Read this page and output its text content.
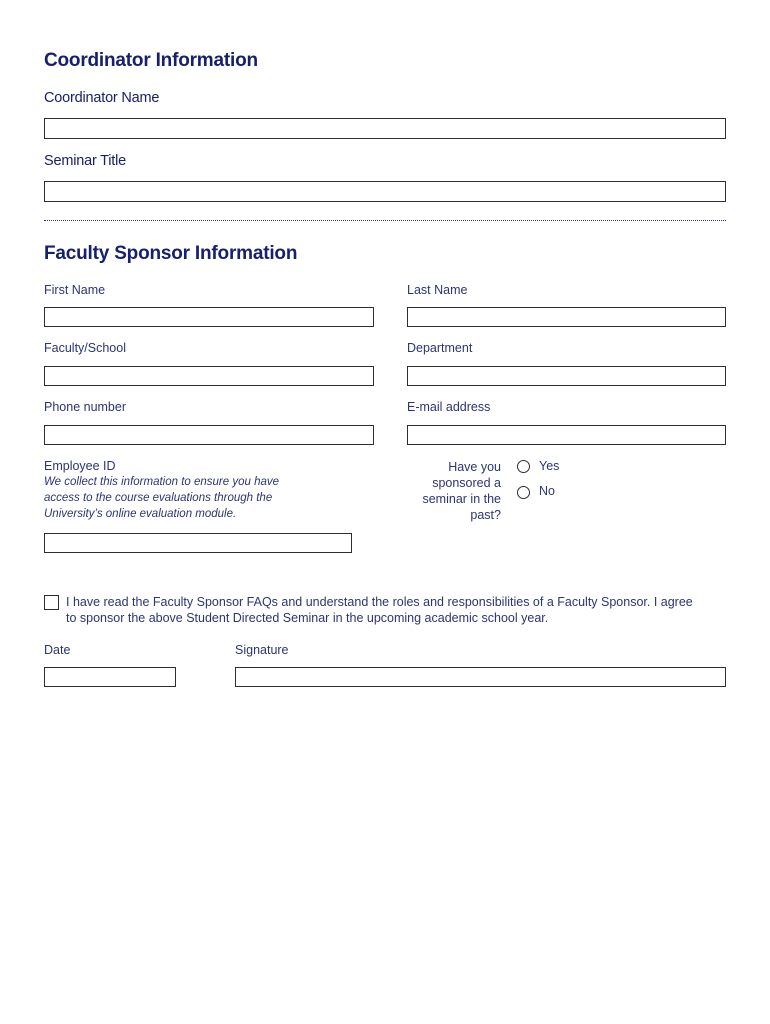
Coordinator Information
Coordinator Name
Seminar Title
Faculty Sponsor Information
First Name	Last Name
Faculty/School	Department
Phone number	E-mail address
Employee ID
We collect this information to ensure you have
access to the course evaluations through the
University’s online evaluation module.
Have you
sponsored a
seminar in the
past?
Yes
No
I have read the Faculty Sponsor FAQs and understand the roles and responsibilities of a Faculty Sponsor. I agree
to sponsor the above Student Directed Seminar in the upcoming academic school year.
Date	Signature
